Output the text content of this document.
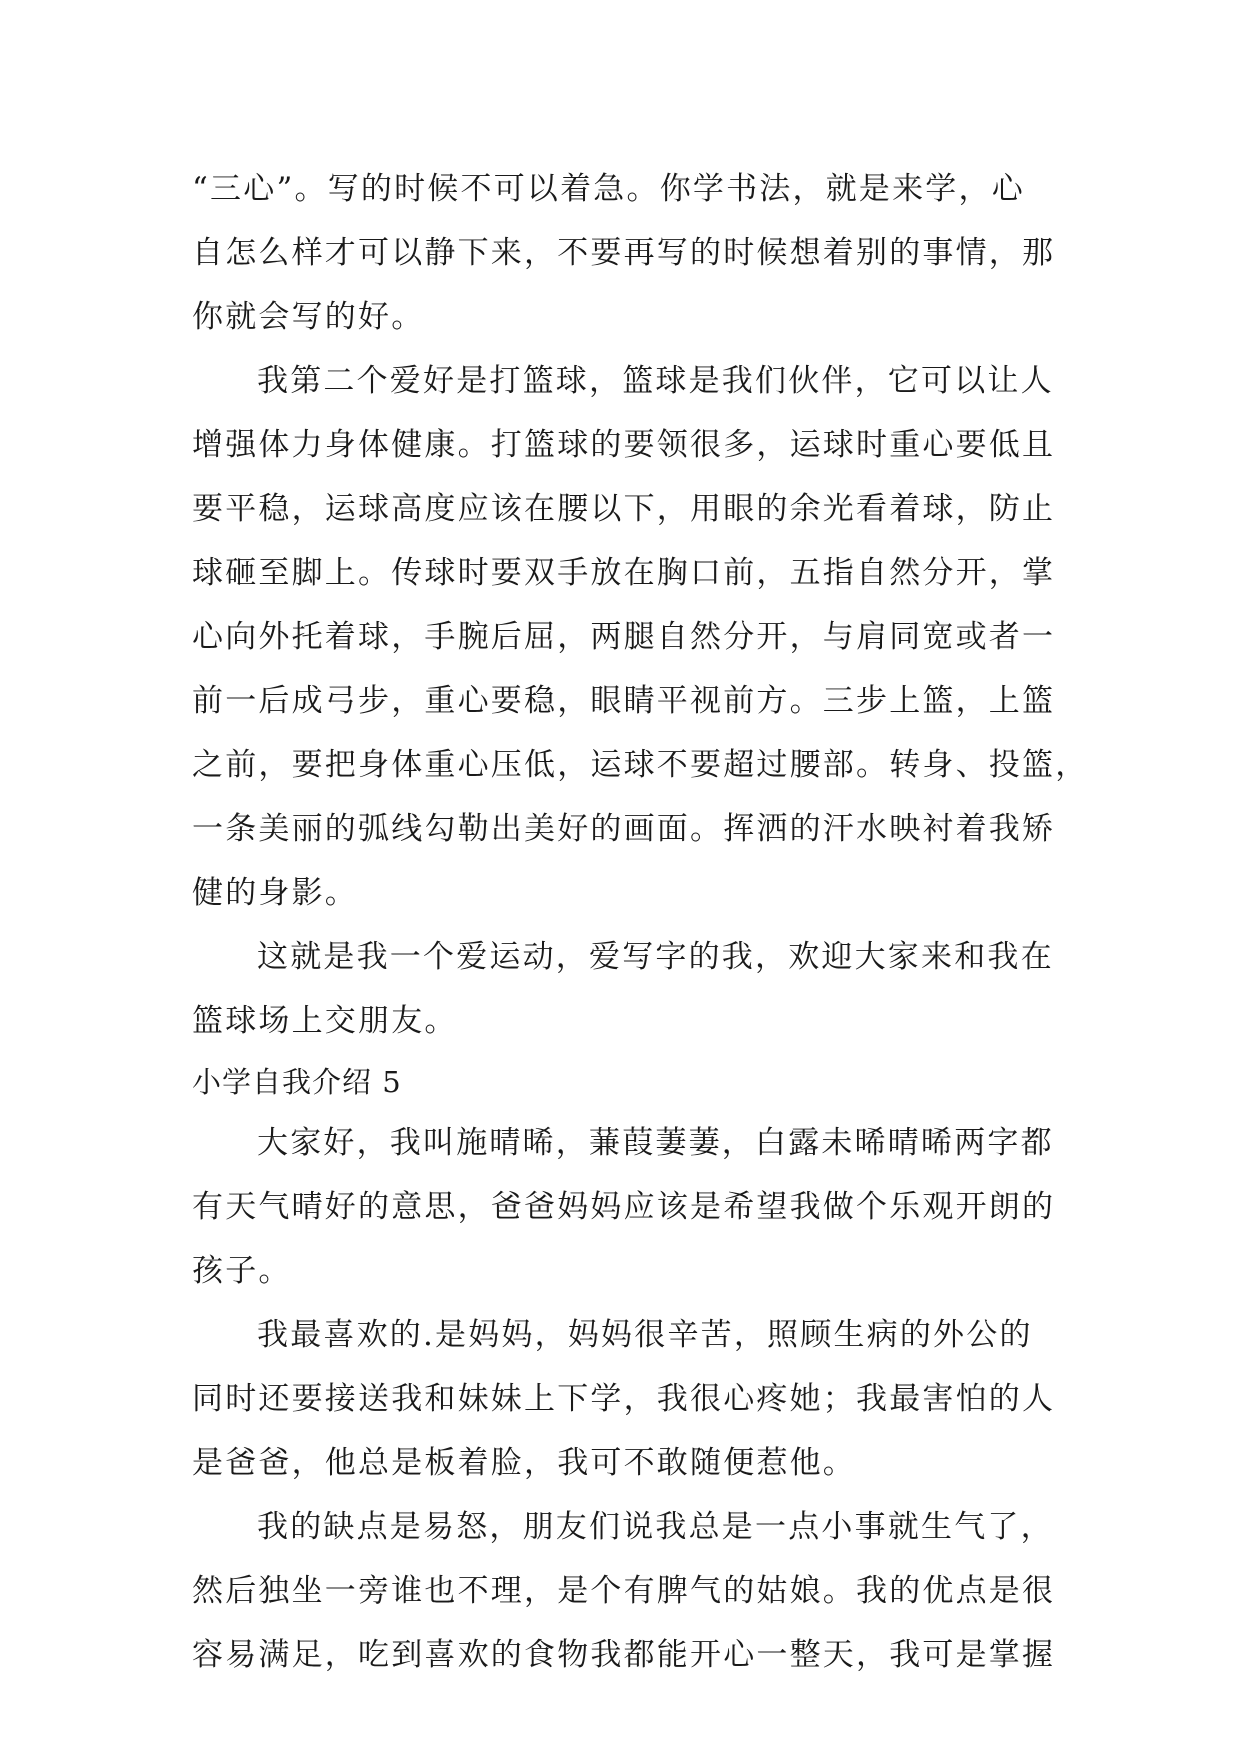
“三心”。写的时候不可以着急。你学书法，就是来学，心
自怎么样才可以静下来，不要再写的时候想着别的事情，那
你就会写的好。
我第二个爱好是打篮球，篮球是我们伙伴，它可以让人
增强体力身体健康。打篮球的要领很多，运球时重心要低且
要平稳，运球高度应该在腰以下，用眼的余光看着球，防止
球砸至脚上。传球时要双手放在胸口前，五指自然分开，掌
心向外托着球，手腕后屈，两腿自然分开，与肩同宽或者一
前一后成弓步，重心要稳，眼睛平视前方。三步上篮，上篮
之前，要把身体重心压低，运球不要超过腰部。转身、投篮，
一条美丽的弧线勾勒出美好的画面。挥洒的汗水映衬着我矫
健的身影。
这就是我一个爱运动，爱写字的我，欢迎大家来和我在
篮球场上交朋友。
小学自我介绍 5
大家好，我叫施晴晞，蒹葭萋萋，白露未晞晴晞两字都
有天气晴好的意思，爸爸妈妈应该是希望我做个乐观开朗的
孩子。
我最喜欢的.是妈妈，妈妈很辛苦，照顾生病的外公的
同时还要接送我和妹妹上下学，我很心疼她；我最害怕的人
是爸爸，他总是板着脸，我可不敢随便惹他。
我的缺点是易怒，朋友们说我总是一点小事就生气了，
然后独坐一旁谁也不理，是个有脾气的姑娘。我的优点是很
容易满足，吃到喜欢的食物我都能开心一整天，我可是掌握
